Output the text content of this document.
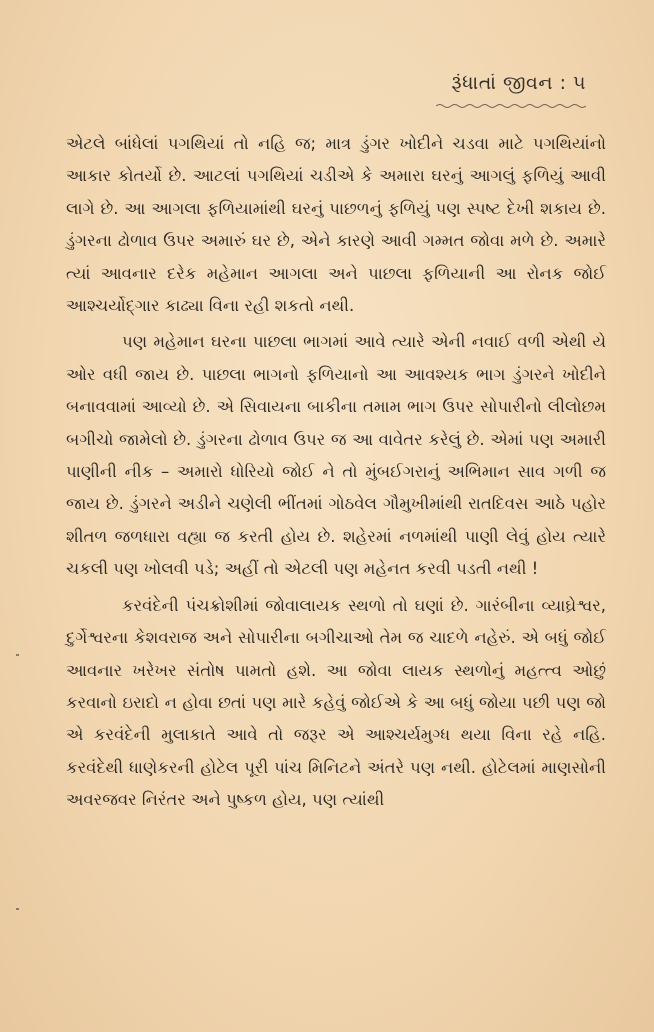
રૂંધાતાં જીવન : ૫

એટલે બાંધેલાં પગથિયાં તો નહિ જ; માત્ર ડુંગર ખોદીને ચડવા માટે પગથિયાંનો આકાર કોતર્યો છે. આટલાં પગથિયાં ચડીએ કે અમારા ઘરનું આગલું ફળિયું આવી લાગે છે. આ આગલા ફળિયામાંથી ઘરનું પાછળનું ફળિયું પણ સ્પષ્ટ દેખી શકાય છે. ડુંગરના ઢોળાવ ઉપર અમારું ઘર છે, એને કારણે આવી ગમ્મત જોવા મળે છે. અમારે ત્યાં આવનાર દરેક મહેમાન આગલા અને પાછલા ફળિયાની આ રોનક જોઈ આશ્ચર્યોદ્‌ગાર કાઢ્યા વિના રહી શકતો નથી.

પણ મહેમાન ઘરના પાછલા ભાગમાં આવે ત્યારે એની નવાઈ વળી એથી યે ઓર વધી જાય છે. પાછલા ભાગનો ફળિયાનો આ આવશ્યક ભાગ ડુંગરને ખોદીને બનાવવામાં આવ્યો છે. એ સિવાયના બાકીના તમામ ભાગ ઉપર સોપારીનો લીલોછમ બગીચો જામેલો છે. ડુંગરના ઢોળાવ ઉપર જ આ વાવેતર કરેલું છે. એમાં પણ અમારી પાણીની નીક – અમારો ધોરિયો જોઈ ને તો મુંબઈગરાનું અભિમાન સાવ ગળી જ જાય છે. ડુંગરને અડીને ચણેલી ભીંતમાં ગોઠવેલ ગૌમુખીમાંથી રાતદિવસ આઠે પહોર શીતળ જળધારા વહ્યા જ કરતી હોય છે. શહેરમાં નળમાંથી પાણી લેવું હોય ત્યારે ચકલી પણ ખોલવી પડે; અહીં તો એટલી પણ મહેનત કરવી પડતી નથી !

કરવંદેની પંચક્રોશીમાં જોવાલાયક સ્થળો તો ઘણાં છે. ગારંબીના વ્યાઘ્રેશ્વર, દુર્ગેશ્વરના કેશવરાજ અને સોપારીના બગીચાઓ તેમ જ ચાદળે નહેરું. એ બધું જોઈ આવનાર ખરેખર સંતોષ પામતો હશે. આ જોવા લાયક સ્થળોનું મહત્ત્વ ઓછું કરવાનો ઇરાદો ન હોવા છતાં પણ મારે કહેવું જોઈએ કે આ બધું જોયા પછી પણ જો એ કરવંદેની મુલાકાતે આવે તો જરૂર એ આશ્ચર્યમુગ્ધ થયા વિના રહે નહિ. કરવંદેથી ધાણેકરની હોટેલ પૂરી પાંચ મિનિટને અંતરે પણ નથી. હોટેલમાં માણસોની અવરજવર નિરંતર અને પુષ્કળ હોય, પણ ત્યાંથી
